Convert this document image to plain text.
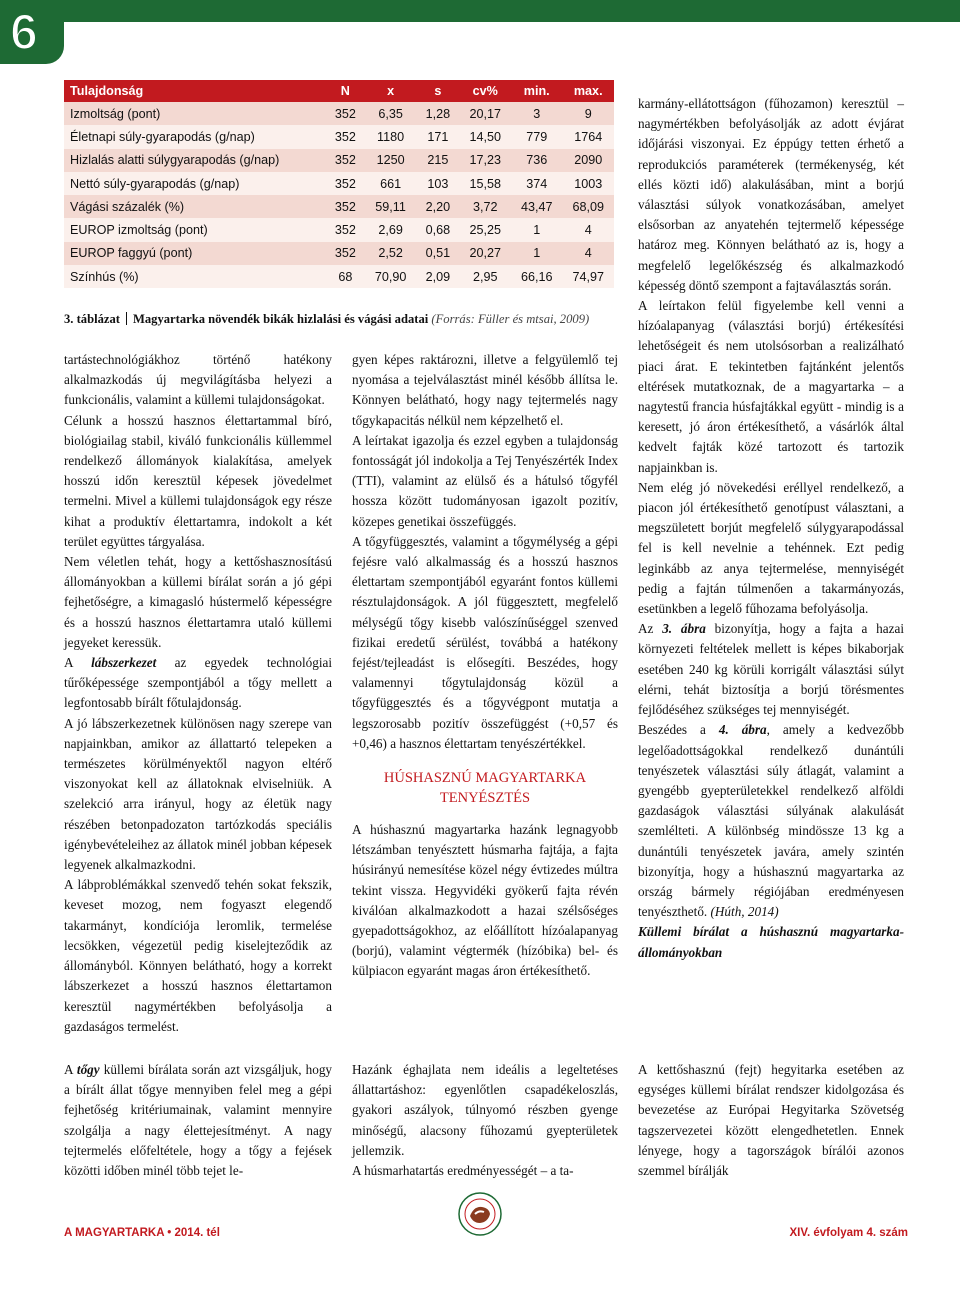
6
Tulajdonság	N	x	s	cv%	min.	max.
Izmoltság (pont)	352	6,35	1,28	20,17	3	9
Életnapi súly-gyarapodás (g/nap)	352	1180	171	14,50	779	1764
Hizlalás alatti súlygyarapodás (g/nap)	352	1250	215	17,23	736	2090
Nettó súly-gyarapodás (g/nap)	352	661	103	15,58	374	1003
Vágási százalék (%)	352	59,11	2,20	3,72	43,47	68,09
EUROP izmoltság (pont)	352	2,69	0,68	25,25	1	4
EUROP faggyú (pont)	352	2,52	0,51	20,27	1	4
Színhús (%)	68	70,90	2,09	2,95	66,16	74,97
3. táblázat Magyartarka növendék bikák hizlalási és vágási adatai (Forrás: Füller és mtsai, 2009)

tartástechnológiákhoz történő hatékony alkalmazkodás új megvilágításba helyezi a funkcionális, valamint a küllemi tulajdonságokat.

Célunk a hosszú hasznos élettartammal bíró, biológiailag stabil, kiváló funkcionális küllemmel rendelkező állományok kialakítása, amelyek hosszú időn keresztül képesek jövedelmet termelni. Mivel a küllemi tulajdonságok egy része kihat a produktív élettartamra, indokolt a két terület együttes tárgyalása.

Nem véletlen tehát, hogy a kettőshasznosítású állományokban a küllemi bírálat során a jó gépi fejhetőségre, a kimagasló hústermelő képességre és a hosszú hasznos élettartamra utaló küllemi jegyeket keressük.

A lábszerkezet az egyedek technológiai tűrőképessége szempontjából a tőgy mellett a legfontosabb bírált főtulajdonság.

A jó lábszerkezetnek különösen nagy szerepe van napjainkban, amikor az állattartó telepeken a természetes körülményektől nagyon eltérő viszonyokat kell az állatoknak elviselniük. A szelekció arra irányul, hogy az életük nagy részében betonpadozaton tartózkodás speciális igénybevételeihez az állatok minél jobban képesek legyenek alkalmazkodni.

A lábproblémákkal szenvedő tehén sokat fekszik, keveset mozog, nem fogyaszt elegendő takarmányt, kondíciója leromlik, termelése lecsökken, végezetül pedig kiselejteződik az állományból. Könnyen belátható, hogy a korrekt lábszerkezet a hosszú hasznos élettartamon keresztül nagymértékben befolyásolja a gazdaságos termelést.

gyen képes raktározni, illetve a felgyülemlő tej nyomása a tejelválasztást minél később állítsa le. Könnyen belátható, hogy nagy tejtermelés nagy tőgykapacitás nélkül nem képzelhető el.

A leírtakat igazolja és ezzel egyben a tulajdonság fontosságát jól indokolja a Tej Tenyészérték Index (TTI), valamint az elülső és a hátulsó tőgyfél hossza között tudományosan igazolt pozitív, közepes genetikai összefüggés.

A tőgyfüggesztés, valamint a tőgymélység a gépi fejésre való alkalmasság és a hosszú hasznos élettartam szempontjából egyaránt fontos küllemi résztulajdonságok. A jól függesztett, megfelelő mélységű tőgy kisebb valószínűséggel szenved fizikai eredetű sérülést, továbbá a hatékony fejést/tejleadást is elősegíti. Beszédes, hogy valamennyi tőgytulajdonság közül a tőgyfüggesztés és a tőgyvégpont mutatja a legszorosabb pozitív összefüggést (+0,57 és +0,46) a hasznos élettartam tenyészértékkel.

HÚSHASZNÚ MAGYARTARKA TENYÉSZTÉS

A húshasznú magyartarka hazánk legnagyobb létszámban tenyésztett húsmarha fajtája, a fajta húsirányú nemesítése közel négy évtizedes múltra tekint vissza. Hegyvidéki gyökerű fajta révén kiválóan alkalmazkodott a hazai szélsőséges gyepadottságokhoz, az előállított hízóalapanyag (borjú), valamint végtermék (hízóbika) bel- és külpiacon egyaránt magas áron értékesíthető.

karmány-ellátottságon (fűhozamon) keresztül – nagymértékben befolyásolják az adott évjárat időjárási viszonyai. Ez éppúgy tetten érhető a reprodukciós paraméterek (termékenység, két ellés közti idő) alakulásában, mint a borjú választási súlyok vonatkozásában, amelyet elsősorban az anyatehén tejtermelő képessége határoz meg. Könnyen belátható az is, hogy a megfelelő legelőkészség és alkalmazkodó képesség döntő szempont a fajtaválasztás során.

A leírtakon felül figyelembe kell venni a hízóalapanyag (választási borjú) értékesítési lehetőségeit és nem utolsósorban a realizálható piaci árat. E tekintetben fajtánként jelentős eltérések mutatkoznak, de a magyartarka – a nagytestű francia húsfajtákkal együtt - mindig is a keresett, jó áron értékesíthető, a vásárlók által kedvelt fajták közé tartozott és tartozik napjainkban is.

Nem elég jó növekedési eréllyel rendelkező, a piacon jól értékesíthető genotípust választani, a megszületett borjút megfelelő súlygyarapodással fel is kell nevelnie a tehénnek. Ezt pedig leginkább az anya tejtermelése, mennyiségét pedig a fajtán túlmenően a takarmányozás, esetünkben a legelő fűhozama befolyásolja.

Az 3. ábra bizonyítja, hogy a fajta a hazai környezeti feltételek mellett is képes bikaborjak esetében 240 kg körüli korrigált választási súlyt elérni, tehát biztosítja a borjú törésmentes fejlődéséhez szükséges tej mennyiségét.

Beszédes a 4. ábra, amely a kedvezőbb legelőadottságokkal rendelkező dunántúli tenyészetek választási súly átlagát, valamint a gyengébb gyepterületekkel rendelkező alföldi gazdaságok választási súlyának alakulását szemlélteti. A különbség mindössze 13 kg a dunántúli tenyészetek javára, amely szintén bizonyítja, hogy a húshasznú magyartarka az ország bármely régiójában eredményesen tenyészthető. (Húth, 2014)

Küllemi bírálat a húshasznú magyartarka-állományokban

A tőgy küllemi bírálata során azt vizsgáljuk, hogy a bírált állat tőgye mennyiben felel meg a gépi fejhetőség kritériumainak, valamint mennyire szolgálja a nagy élettejesítményt. A nagy tejtermelés előfeltétele, hogy a tőgy a fejések közötti időben minél több tejet le-

Hazánk éghajlata nem ideális a legeltetéses állattartáshoz: egyenlőtlen csapadékeloszlás, gyakori aszályok, túlnyomó részben gyenge minőségű, alacsony fűhozamú gyepterületek jellemzik.

A húsmarhatartás eredményességét – a ta-

A kettőshasznú (fejt) hegyitarka esetében az egységes küllemi bírálat rendszer kidolgozása és bevezetése az Európai Hegyitarka Szövetség tagszervezetei között elengedhetetlen. Ennek lényege, hogy a tagországok bírálói azonos szemmel bírálják

A MAGYARTARKA • 2014. tél	XIV. évfolyam 4. szám
